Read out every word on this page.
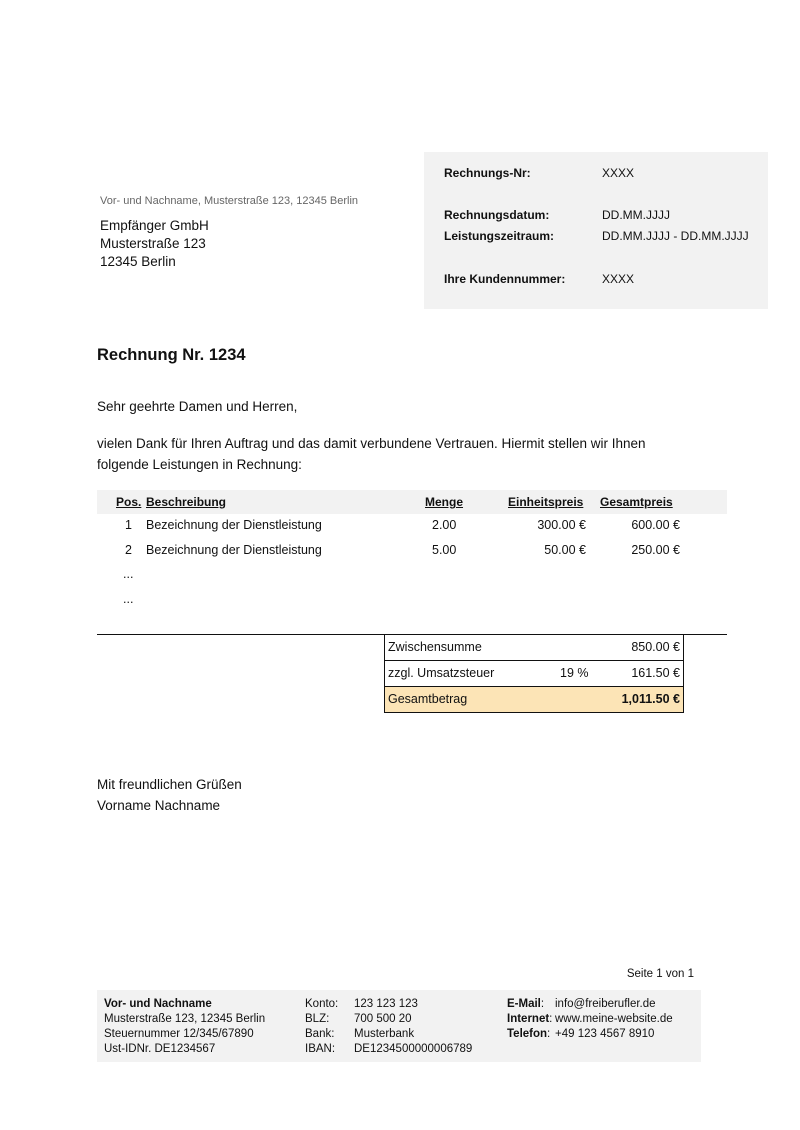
Vor- und Nachname, Musterstraße 123, 12345 Berlin
Empfänger GmbH
Musterstraße 123
12345 Berlin
Rechnungs-Nr:	XXXX
Rechnungsdatum:	DD.MM.JJJJ
Leistungszeitraum:	DD.MM.JJJJ - DD.MM.JJJJ
Ihre Kundennummer:	XXXX
Rechnung Nr. 1234
Sehr geehrte Damen und Herren,
vielen Dank für Ihren Auftrag und das damit verbundene Vertrauen. Hiermit stellen wir Ihnen
folgende Leistungen in Rechnung:
Pos. Beschreibung	Menge	Einheitspreis Gesamtpreis
1 Bezeichnung der Dienstleistung	2.00	300.00 €	600.00 €
2 Bezeichnung der Dienstleistung	5.00	50.00 €	250.00 €
...
...
Zwischensumme	850.00 €
zzgl. Umsatzsteuer	19 %	161.50 €
Gesamtbetrag	1,011.50 €
Mit freundlichen Grüßen
Vorname Nachname
Seite 1 von 1
Vor- und Nachname
Musterstraße 123, 12345 Berlin
Steuernummer 12/345/67890
Ust-IDNr. DE1234567
Konto: 123 123 123
BLZ: 700 500 20
Bank: Musterbank
IBAN: DE1234500000006789
E-Mail: info@freiberufler.de
Internet: www.meine-website.de
Telefon: +49 123 4567 8910
